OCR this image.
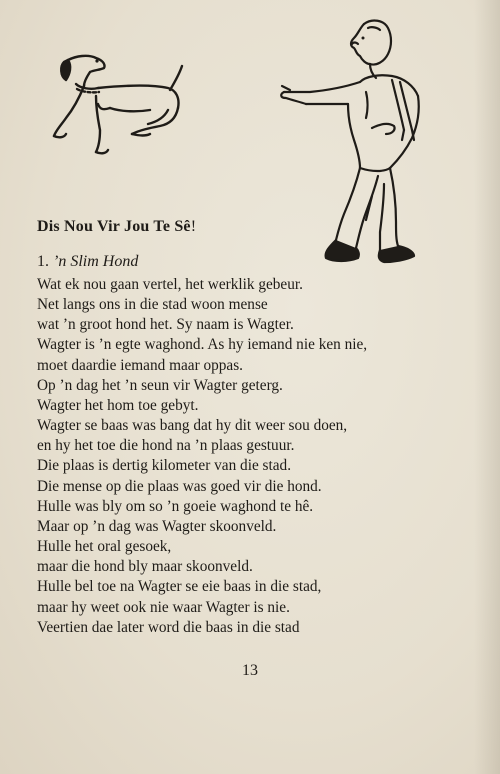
Dis Nou Vir Jou Te Sê!
1. ’n Slim Hond
Wat ek nou gaan vertel, het werklik gebeur.
Net langs ons in die stad woon mense
wat ’n groot hond het. Sy naam is Wagter.
Wagter is ’n egte waghond. As hy iemand nie ken nie,
moet daardie iemand maar oppas.
Op ’n dag het ’n seun vir Wagter geterg.
Wagter het hom toe gebyt.
Wagter se baas was bang dat hy dit weer sou doen,
en hy het toe die hond na ’n plaas gestuur.
Die plaas is dertig kilometer van die stad.
Die mense op die plaas was goed vir die hond.
Hulle was bly om so ’n goeie waghond te hê.
Maar op ’n dag was Wagter skoonveld.
Hulle het oral gesoek,
maar die hond bly maar skoonveld.
Hulle bel toe na Wagter se eie baas in die stad,
maar hy weet ook nie waar Wagter is nie.
Veertien dae later word die baas in die stad
13
